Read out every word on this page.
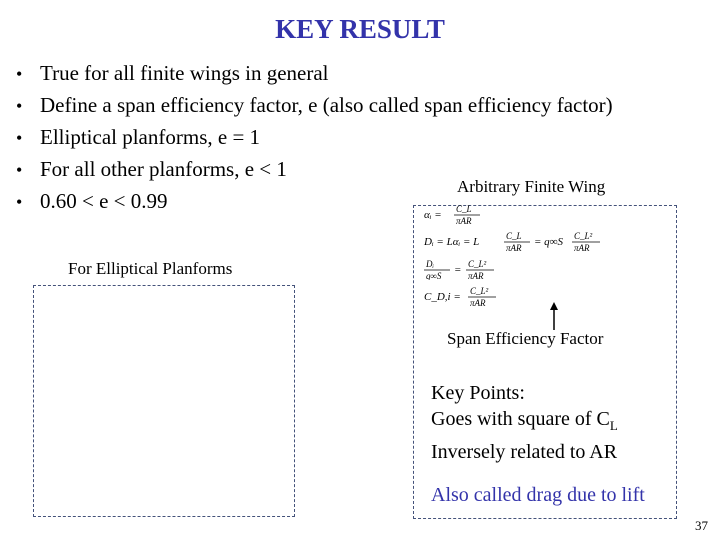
KEY RESULT
• True for all finite wings in general
• Define a span efficiency factor, e (also called span efficiency factor)
• Elliptical planforms, e = 1
• For all other planforms, e < 1
• 0.60 < e < 0.99
Arbitrary Finite Wing
For Elliptical Planforms
αᵢ = C_L
πAR
Dᵢ = Lαᵢ = L	C_L
πAR = q∞S C_L²
πAR
Dᵢ
q∞S = C_L²
πAR
C_D,i = C_L²
πAR
Span Efficiency Factor
Key Points:
Goes with square of $C_L$
Inversely related to AR
Also called drag due to lift
37
